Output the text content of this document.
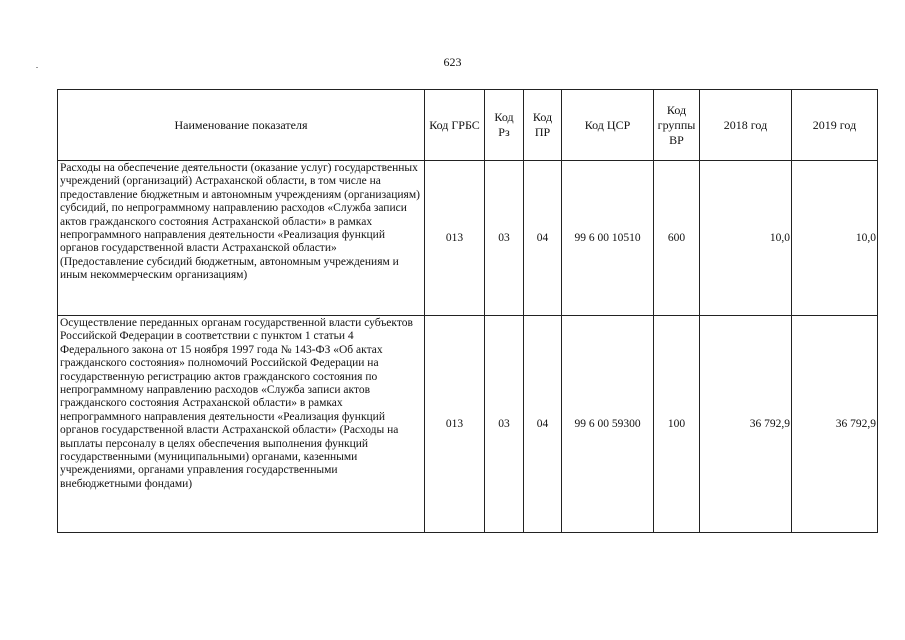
623
Наименование показателя	Код ГРБС	Код Рз	Код ПР	Код ЦСР	Код группы ВР	2018 год	2019 год
Расходы на обеспечение деятельности (оказание услуг) государственных учреждений (организаций) Астраханской области, в том числе на предоставление бюджетным и автономным учреждениям (организациям) субсидий, по непрограммному направлению расходов «Служба записи актов гражданского состояния Астраханской области» в рамках непрограммного направления деятельности «Реализация функций органов государственной власти Астраханской области» (Предоставление субсидий бюджетным, автономным учреждениям и иным некоммерческим организациям)	013	03	04	99 6 00 10510	600	10,0	10,0
Осуществление переданных органам государственной власти субъектов Российской Федерации в соответствии с пунктом 1 статьи 4 Федерального закона от 15 ноября 1997 года № 143-ФЗ «Об актах гражданского состояния» полномочий Российской Федерации на государственную регистрацию актов гражданского состояния по непрограммному направлению расходов «Служба записи актов гражданского состояния Астраханской области» в рамках непрограммного направления деятельности «Реализация функций органов государственной власти Астраханской области» (Расходы на выплаты персоналу в целях обеспечения выполнения функций государственными (муниципальными) органами, казенными учреждениями, органами управления государственными внебюджетными фондами)	013	03	04	99 6 00 59300	100	36 792,9	36 792,9
